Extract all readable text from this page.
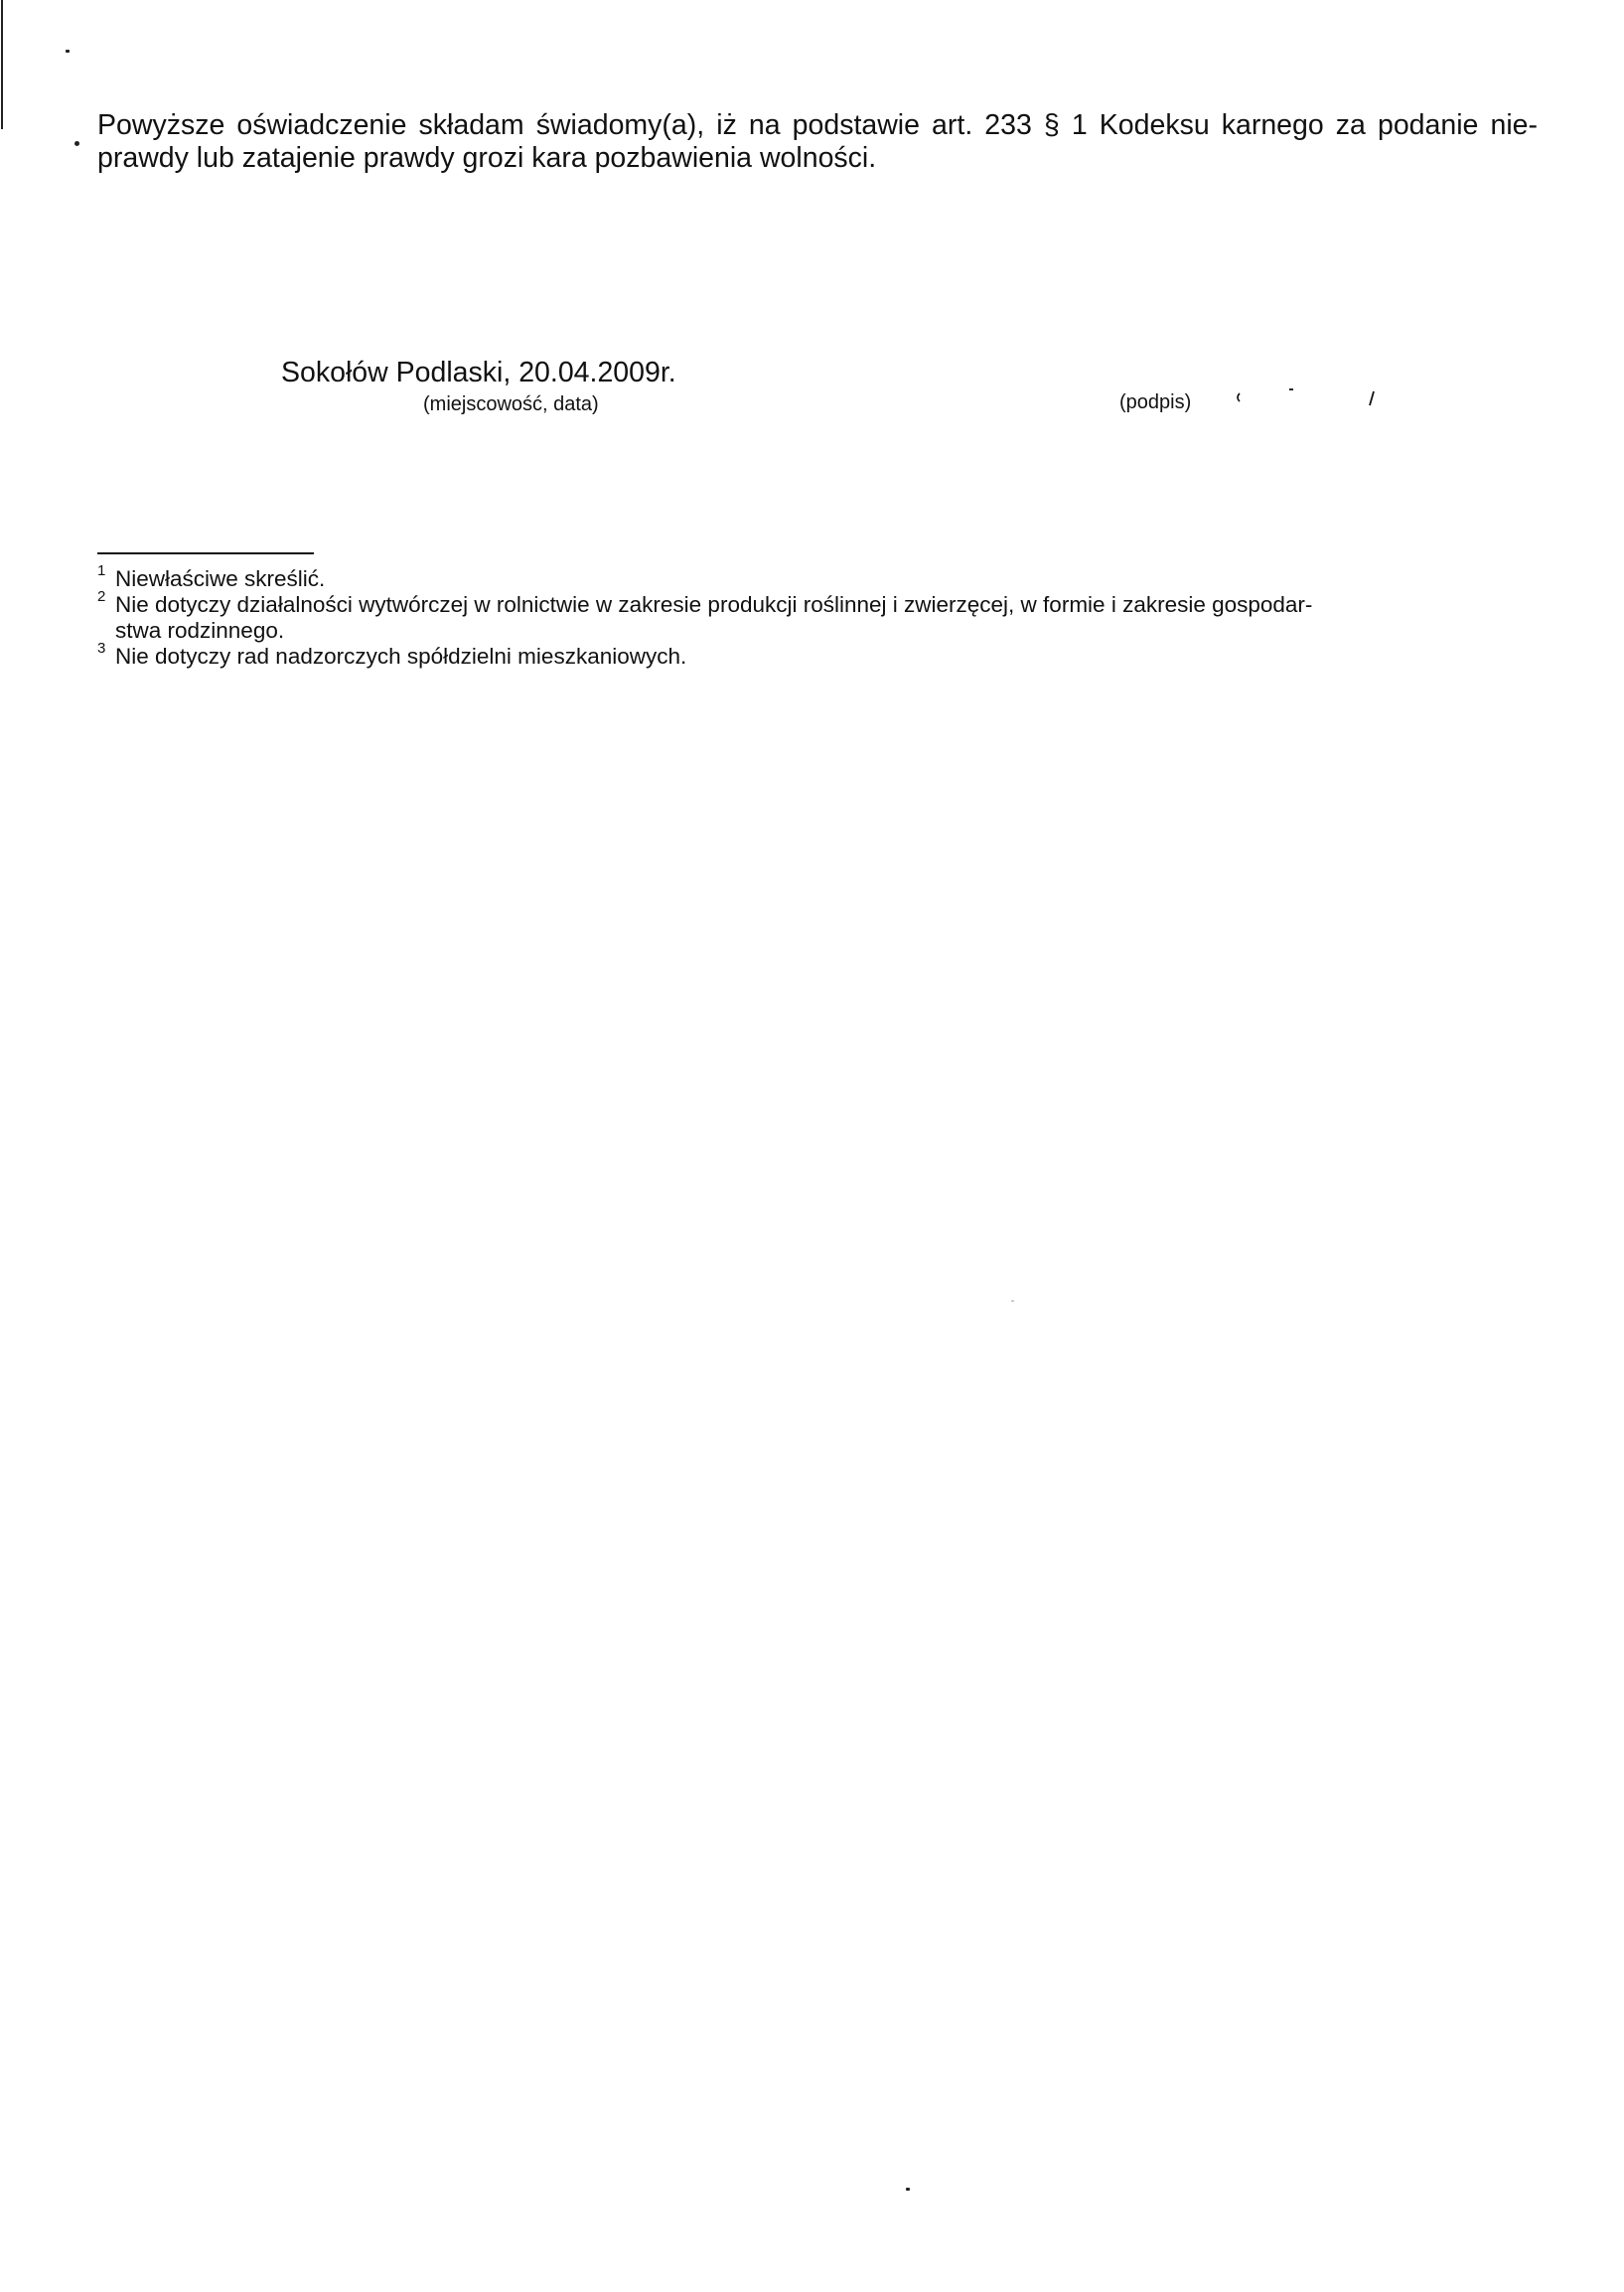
Powyższe oświadczenie składam świadomy(a), iż na podstawie art. 233 § 1 Kodeksu karnego za podanie nie-

prawdy lub zatajenie prawdy grozi kara pozbawienia wolności.

Sokołów Podlaski, 20.04.2009r.
(miejscowość, data)	(podpis)
1 Niewłaściwe skreślić.
2 Nie dotyczy działalności wytwórczej w rolnictwie w zakresie produkcji roślinnej i zwierzęcej, w formie i zakresie gospodar-
stwa rodzinnego.
3 Nie dotyczy rad nadzorczych spółdzielni mieszkaniowych.
